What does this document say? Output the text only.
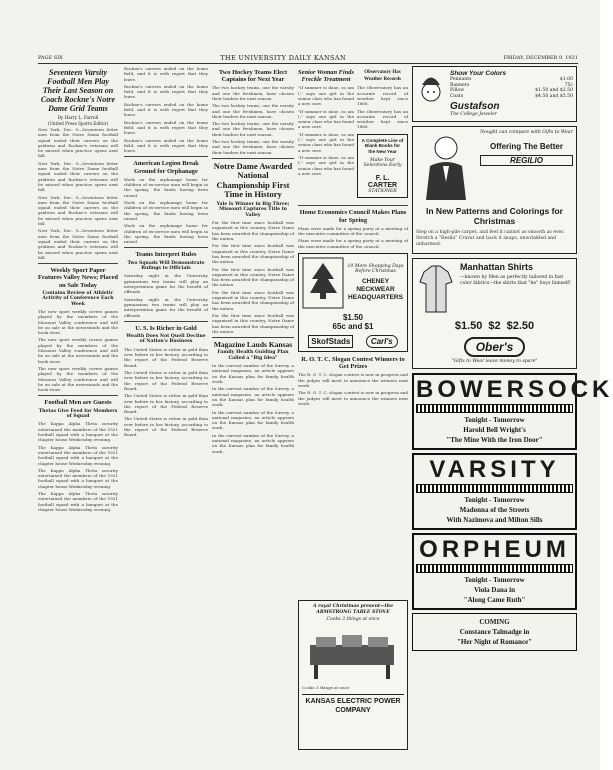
PAGE SIX	THE UNIVERSITY DAILY KANSAN	FRIDAY, DECEMBER 9, 1921
Seventeen Varsity Football Men Play Their Last Season on Coach Rockne's Notre Dame Grid Teams
By Harry L. Farrell
(United Press Sports Editor)

New York, Dec. 9—Seventeen letter men from the Notre Dame football squad ended their careers on the gridiron and Rockne's veterans will be missed when practice opens next fall.

New York, Dec. 9—Seventeen letter men from the Notre Dame football squad ended their careers on the gridiron and Rockne's veterans will be missed when practice opens next fall.

New York, Dec. 9—Seventeen letter men from the Notre Dame football squad ended their careers on the gridiron and Rockne's veterans will be missed when practice opens next fall.

New York, Dec. 9—Seventeen letter men from the Notre Dame football squad ended their careers on the gridiron and Rockne's veterans will be missed when practice opens next fall.

Weekly Sport Paper Features Valley News; Placed on Sale Today
Contains Review of Athletic Activity of Conference Each Week

The new sport weekly covers games played by the members of the Missouri Valley conference and will be on sale at the newsstands and the book store.

The new sport weekly covers games played by the members of the Missouri Valley conference and will be on sale at the newsstands and the book store.

The new sport weekly covers games played by the members of the Missouri Valley conference and will be on sale at the newsstands and the book store.

Football Men are Guests
Thetas Give Feed for Members of Squad

The Kappa Alpha Theta sorority entertained the members of the 1921 football squad with a banquet at the chapter house Wednesday evening.

The Kappa Alpha Theta sorority entertained the members of the 1921 football squad with a banquet at the chapter house Wednesday evening.

The Kappa Alpha Theta sorority entertained the members of the 1921 football squad with a banquet at the chapter house Wednesday evening.

The Kappa Alpha Theta sorority entertained the members of the 1921 football squad with a banquet at the chapter house Wednesday evening.

Rockne's careers ended on the home field, and it is with regret that they leave.

Rockne's careers ended on the home field, and it is with regret that they leave.

Rockne's careers ended on the home field, and it is with regret that they leave.

Rockne's careers ended on the home field, and it is with regret that they leave.

Rockne's careers ended on the home field, and it is with regret that they leave.

American Legion Break Ground for Orphanage

Work on the orphanage home for children of ex-service men will begin in the spring, the funds having been raised.

Work on the orphanage home for children of ex-service men will begin in the spring, the funds having been raised.

Work on the orphanage home for children of ex-service men will begin in the spring, the funds having been raised.

Teams Interpret Rules
Two Squads Will Demonstrate Rulings to Officials

Saturday night at the University gymnasium two teams will play an interpretation game for the benefit of officials.

Saturday night at the University gymnasium two teams will play an interpretation game for the benefit of officials.

U. S. Is Richer in Gold
Wealth Does Not Quell Decline of Nation's Business

The United States is richer in gold than ever before in her history, according to the report of the Federal Reserve Board.

The United States is richer in gold than ever before in her history, according to the report of the Federal Reserve Board.

The United States is richer in gold than ever before in her history, according to the report of the Federal Reserve Board.

The United States is richer in gold than ever before in her history, according to the report of the Federal Reserve Board.

Two Hockey Teams Elect Captains for Next Year

The two hockey teams, one the varsity and one the freshmen, have chosen their leaders for next season.

The two hockey teams, one the varsity and one the freshmen, have chosen their leaders for next season.

The two hockey teams, one the varsity and one the freshmen, have chosen their leaders for next season.

The two hockey teams, one the varsity and one the freshmen, have chosen their leaders for next season.

Notre Dame Awarded National Championship First Time in History
Yale Is Winner in Big Three; Missouri Captures Title in Valley

For the first time since football was organized in this country, Notre Dame has been awarded the championship of the nation.

For the first time since football was organized in this country, Notre Dame has been awarded the championship of the nation.

For the first time since football was organized in this country, Notre Dame has been awarded the championship of the nation.

For the first time since football was organized in this country, Notre Dame has been awarded the championship of the nation.

For the first time since football was organized in this country, Notre Dame has been awarded the championship of the nation.

Magazine Lauds Kansas
Family Health Guiding Plan Called a "Big Idea"

In the current number of the Survey, a national magazine, an article appears on the Kansas plan for family health work.

In the current number of the Survey, a national magazine, an article appears on the Kansas plan for family health work.

In the current number of the Survey, a national magazine, an article appears on the Kansas plan for family health work.

In the current number of the Survey, a national magazine, an article appears on the Kansas plan for family health work.

Senior Woman Finds Freckle Treatment

"If summer is done, so am I," says one girl in the senior class who has found a new cure.

"If summer is done, so am I," says one girl in the senior class who has found a new cure.

"If summer is done, so am I," says one girl in the senior class who has found a new cure.

"If summer is done, so am I," says one girl in the senior class who has found a new cure.

Observatory Has Weather Records

The Observatory has an accurate record of weather kept since 1868.

The Observatory has an accurate record of weather kept since 1868.

A Complete Line of Blank Books for the New Year
Make Your Selections Early
F. L. CARTER
STATIONER
Home Economics Council Makes Plans for Spring

Plans were made for a spring party at a meeting of the executive committee of the council.

Plans were made for a spring party at a meeting of the executive committee of the council.

10 More Shopping Days Before Christmas
CHENEY NECKWEAR HEADQUARTERS
$1.50
65c and $1
SkofStads	Carl's
R. O. T. C. Slogan Contest Winners to Get Prizes

The R. O. T. C. slogan contest is now in progress and the judges will meet to announce the winners next week.

The R. O. T. C. slogan contest is now in progress and the judges will meet to announce the winners next week.

A royal Christmas present—the ARMSTRONG TABLE STOVE
Cooks 3 things at once

Cooks 3 things at once

KANSAS ELECTRIC POWER COMPANY
Show Your Colors
Pennants	$1.00
Banners	75c
Pillow	$1.50 and $2.50
Coats	$4.50 and $5.50
Gustafson
The College Jeweler
Nought can compare with Gifts to Wear
Offering The Better
REGILIO
In New Patterns and Colorings for Christmas

Step on a high-pile carpet, and feel it cannot as smooth as ever. Stretch a "Reslio" Cravat and back it snaps, unwrinkled and unharmed.

Manhattan Shirts
—known by Men as perfectly tailored in fast color fabrics—the shirts that "he" buys himself!
$1.50 $2 $2.50
Ober's
"Gifts to Wear leave money to spare"
BOWERSOCK
Tonight - Tomorrow
Harold Bell Wright's
"The Mine With the Iron Door"
VARSITY
Tonight - Tomorrow
Madonna of the Streets
With Nazimova and Milton Sills
ORPHEUM
Tonight - Tomorrow
Viola Dana in
"Along Came Ruth"
COMING
Constance Talmadge in
"Her Night of Romance"
